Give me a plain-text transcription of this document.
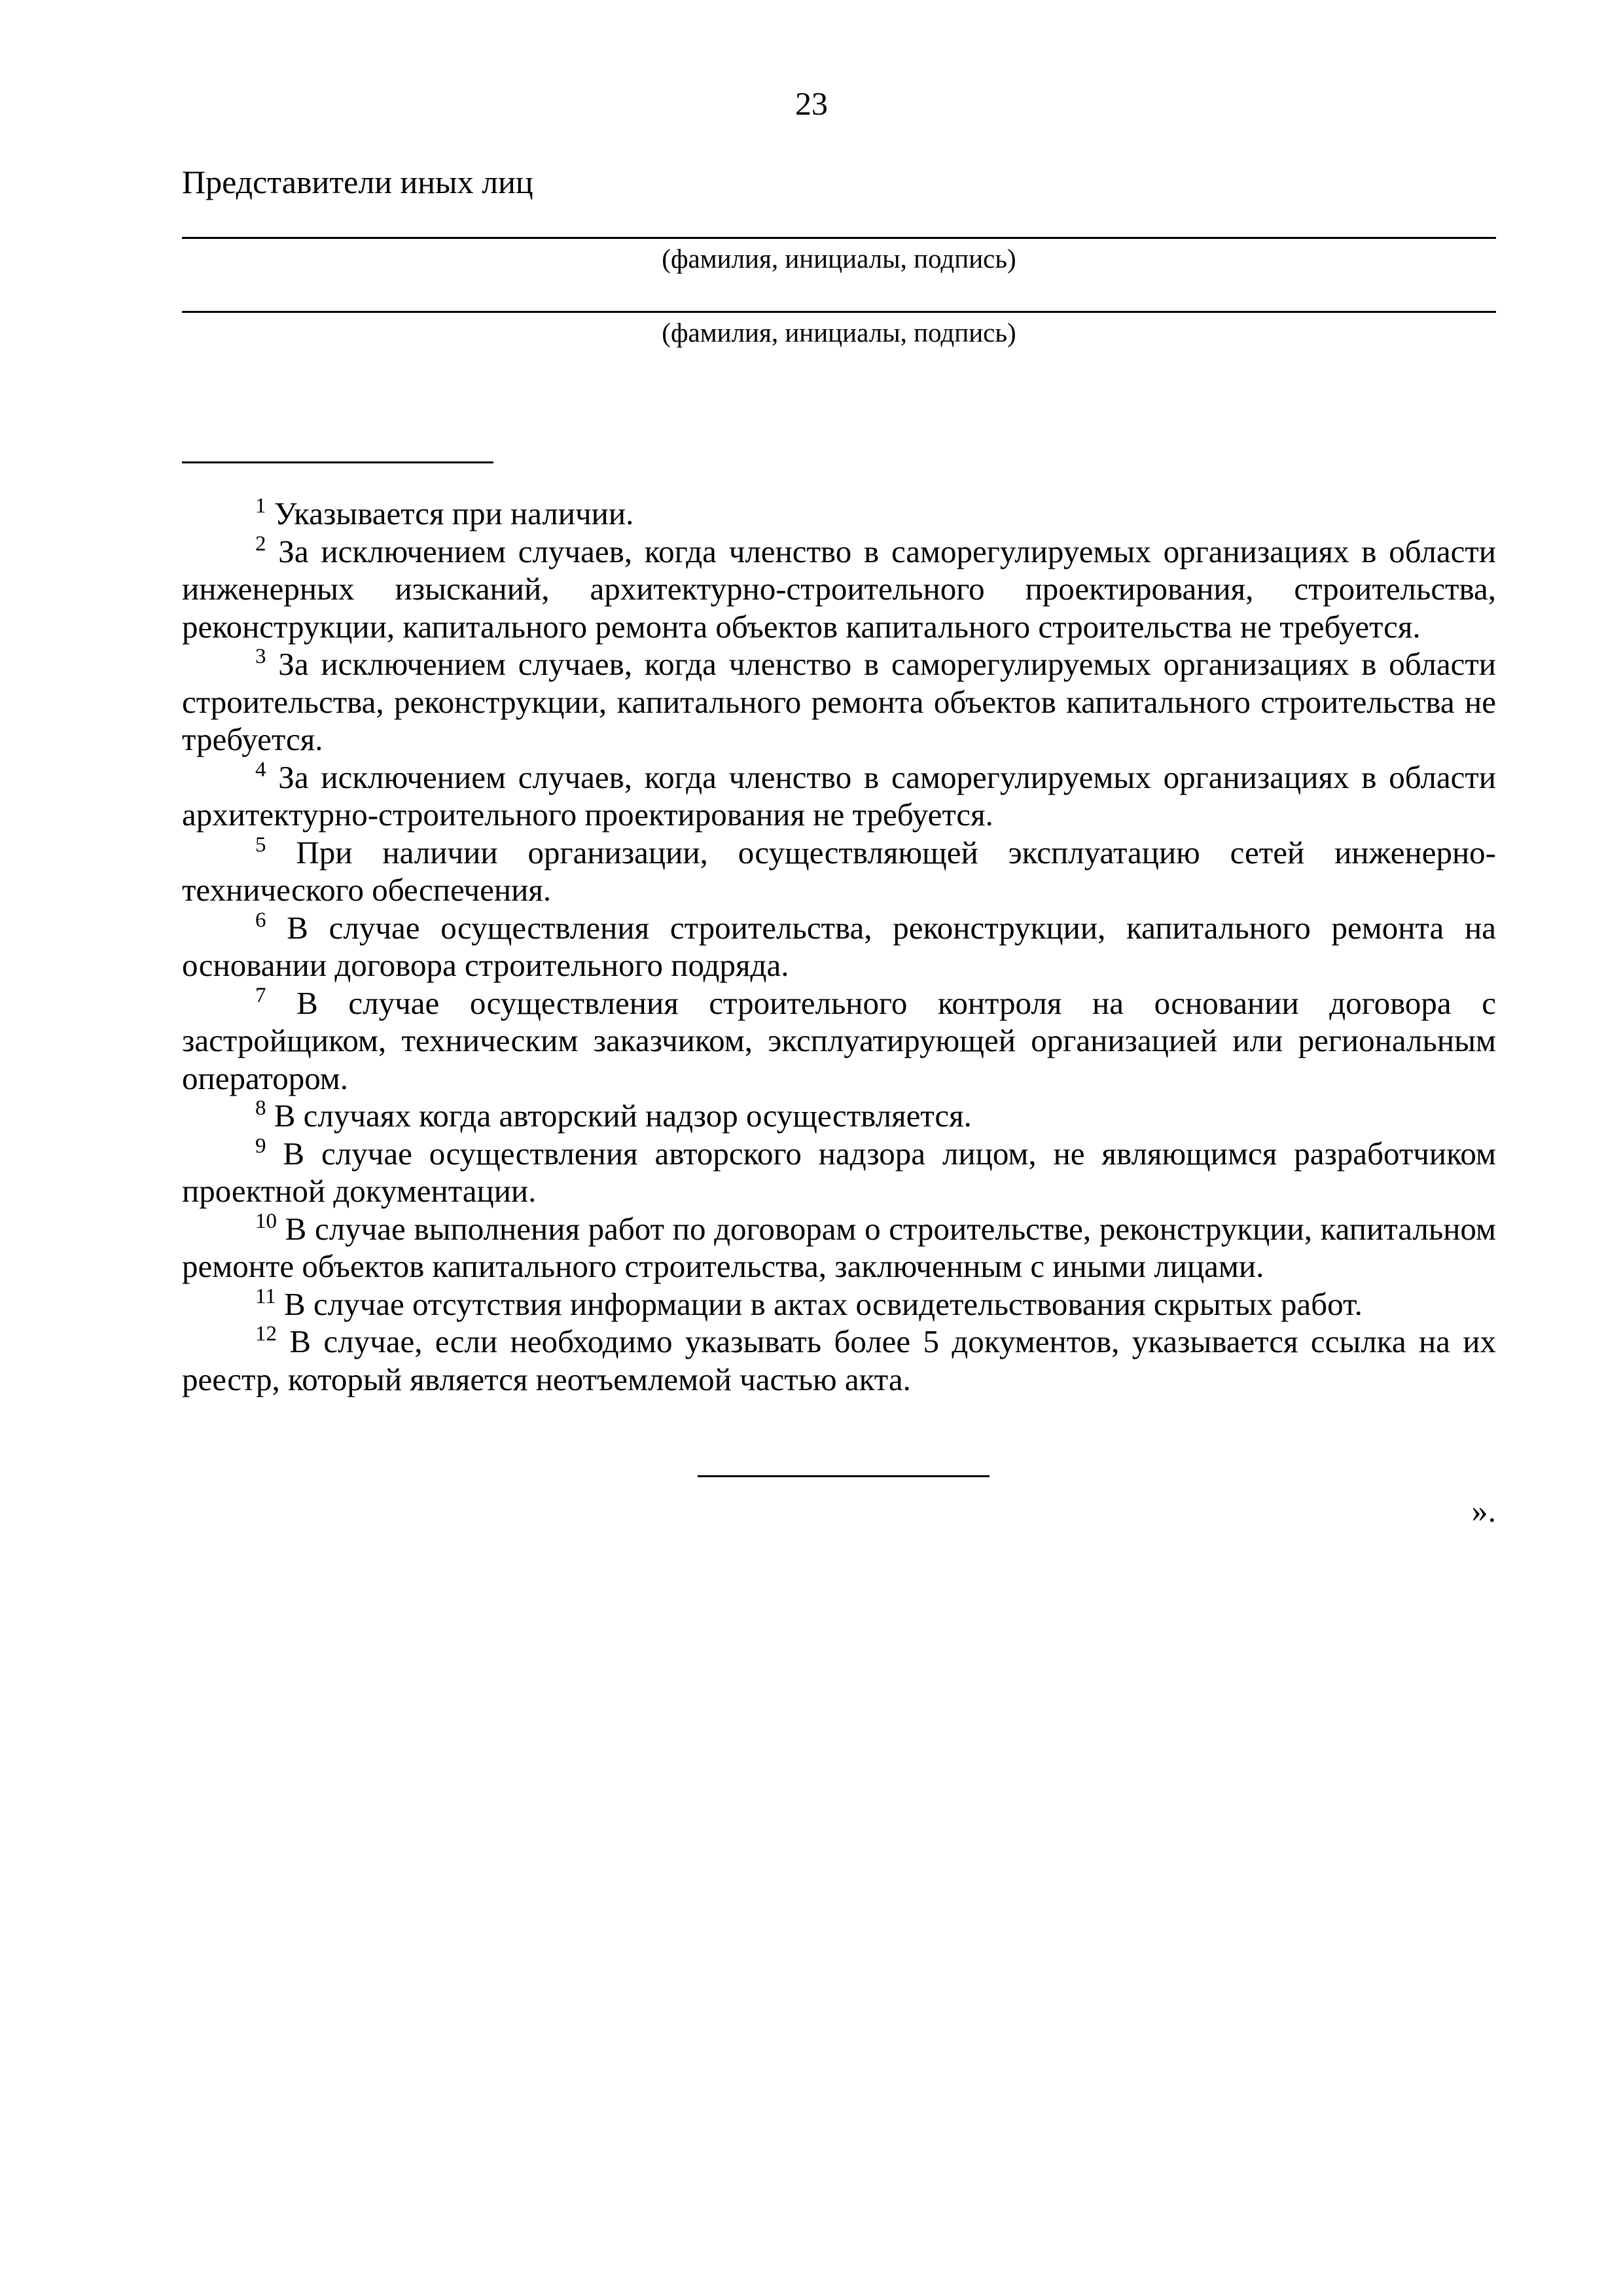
23
Представители иных лиц
(фамилия, инициалы, подпись)
(фамилия, инициалы, подпись)

$^1$ Указывается при наличии.

$^2$ За исключением случаев, когда членство в саморегулируемых организациях в области инженерных изысканий, архитектурно-строительного проектирования, строительства, реконструкции, капитального ремонта объектов капитального строительства не требуется.

$^3$ За исключением случаев, когда членство в саморегулируемых организациях в области строительства, реконструкции, капитального ремонта объектов капитального строительства не требуется.

$^4$ За исключением случаев, когда членство в саморегулируемых организациях в области архитектурно-строительного проектирования не требуется.

$^5$ При наличии организации, осуществляющей эксплуатацию сетей инженерно-технического обеспечения.

$^6$ В случае осуществления строительства, реконструкции, капитального ремонта на основании договора строительного подряда.

$^7$ В случае осуществления строительного контроля на основании договора с застройщиком, техническим заказчиком, эксплуатирующей организацией или региональным оператором.

$^8$ В случаях когда авторский надзор осуществляется.

$^9$ В случае осуществления авторского надзора лицом, не являющимся разработчиком проектной документации.

$^{10}$ В случае выполнения работ по договорам о строительстве, реконструкции, капитальном ремонте объектов капитального строительства, заключенным с иными лицами.

$^{11}$ В случае отсутствия информации в актах освидетельствования скрытых работ.

$^{12}$ В случае, если необходимо указывать более 5 документов, указывается ссылка на их реестр, который является неотъемлемой частью акта.

».
